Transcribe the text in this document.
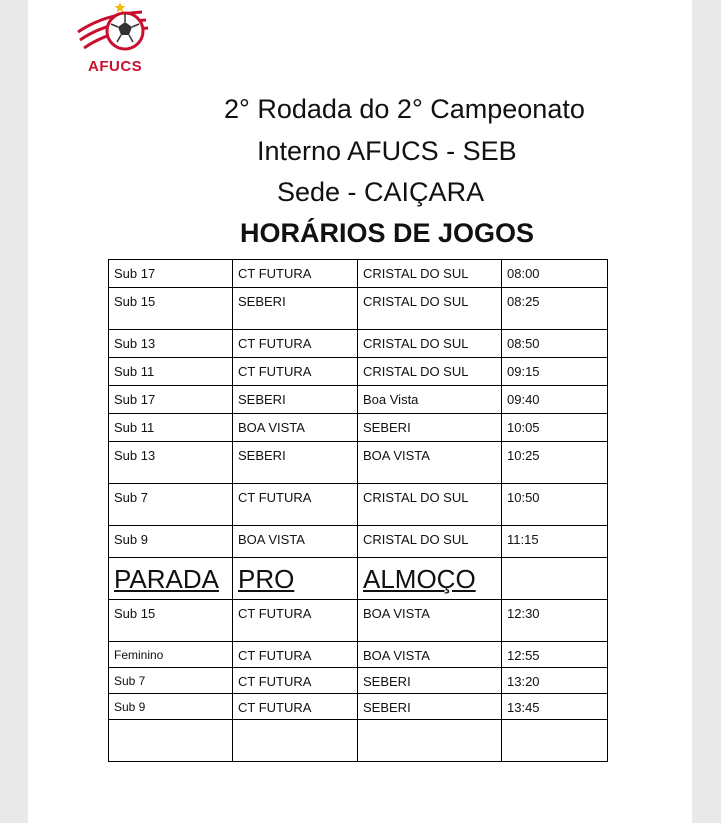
AFUCS
2° Rodada do 2° Campeonato
Interno AFUCS - SEB
Sede - CAIÇARA
HORÁRIOS DE JOGOS
Sub 17	CT FUTURA	CRISTAL DO SUL	08:00

Sub 15	SEBERI	CRISTAL DO SUL	08:25

Sub 13	CT FUTURA	CRISTAL DO SUL	08:50

Sub 11	CT FUTURA	CRISTAL DO SUL	09:15

Sub 17	SEBERI	Boa Vista	09:40

Sub 11	BOA VISTA	SEBERI	10:05

Sub 13	SEBERI	BOA VISTA	10:25

Sub 7	CT FUTURA	CRISTAL DO SUL	10:50

Sub 9	BOA VISTA	CRISTAL DO SUL	11:15

PARADA	PRO	ALMOÇO	

Sub 15	CT FUTURA	BOA VISTA	12:30

Feminino	CT FUTURA	BOA VISTA	12:55

Sub 7	CT FUTURA	SEBERI	13:20

Sub 9	CT FUTURA	SEBERI	13:45
